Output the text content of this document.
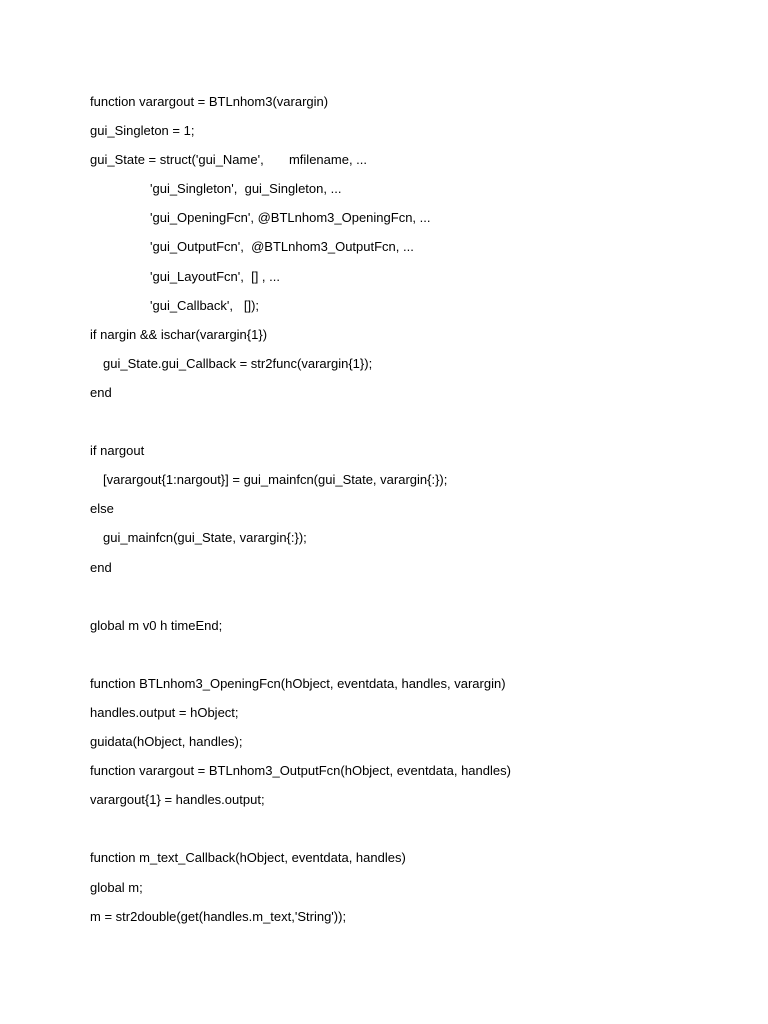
function varargout = BTLnhom3(varargin)
gui_Singleton = 1;
gui_State = struct('gui_Name',       mfilename, ...
'gui_Singleton',  gui_Singleton, ...
'gui_OpeningFcn', @BTLnhom3_OpeningFcn, ...
'gui_OutputFcn',  @BTLnhom3_OutputFcn, ...
'gui_LayoutFcn',  [] , ...
'gui_Callback',   []);
if nargin && ischar(varargin{1})
gui_State.gui_Callback = str2func(varargin{1});
end
if nargout
[varargout{1:nargout}] = gui_mainfcn(gui_State, varargin{:});
else
gui_mainfcn(gui_State, varargin{:});
end
global m v0 h timeEnd;
function BTLnhom3_OpeningFcn(hObject, eventdata, handles, varargin)
handles.output = hObject;
guidata(hObject, handles);
function varargout = BTLnhom3_OutputFcn(hObject, eventdata, handles)
varargout{1} = handles.output;
function m_text_Callback(hObject, eventdata, handles)
global m;
m = str2double(get(handles.m_text,'String'));
